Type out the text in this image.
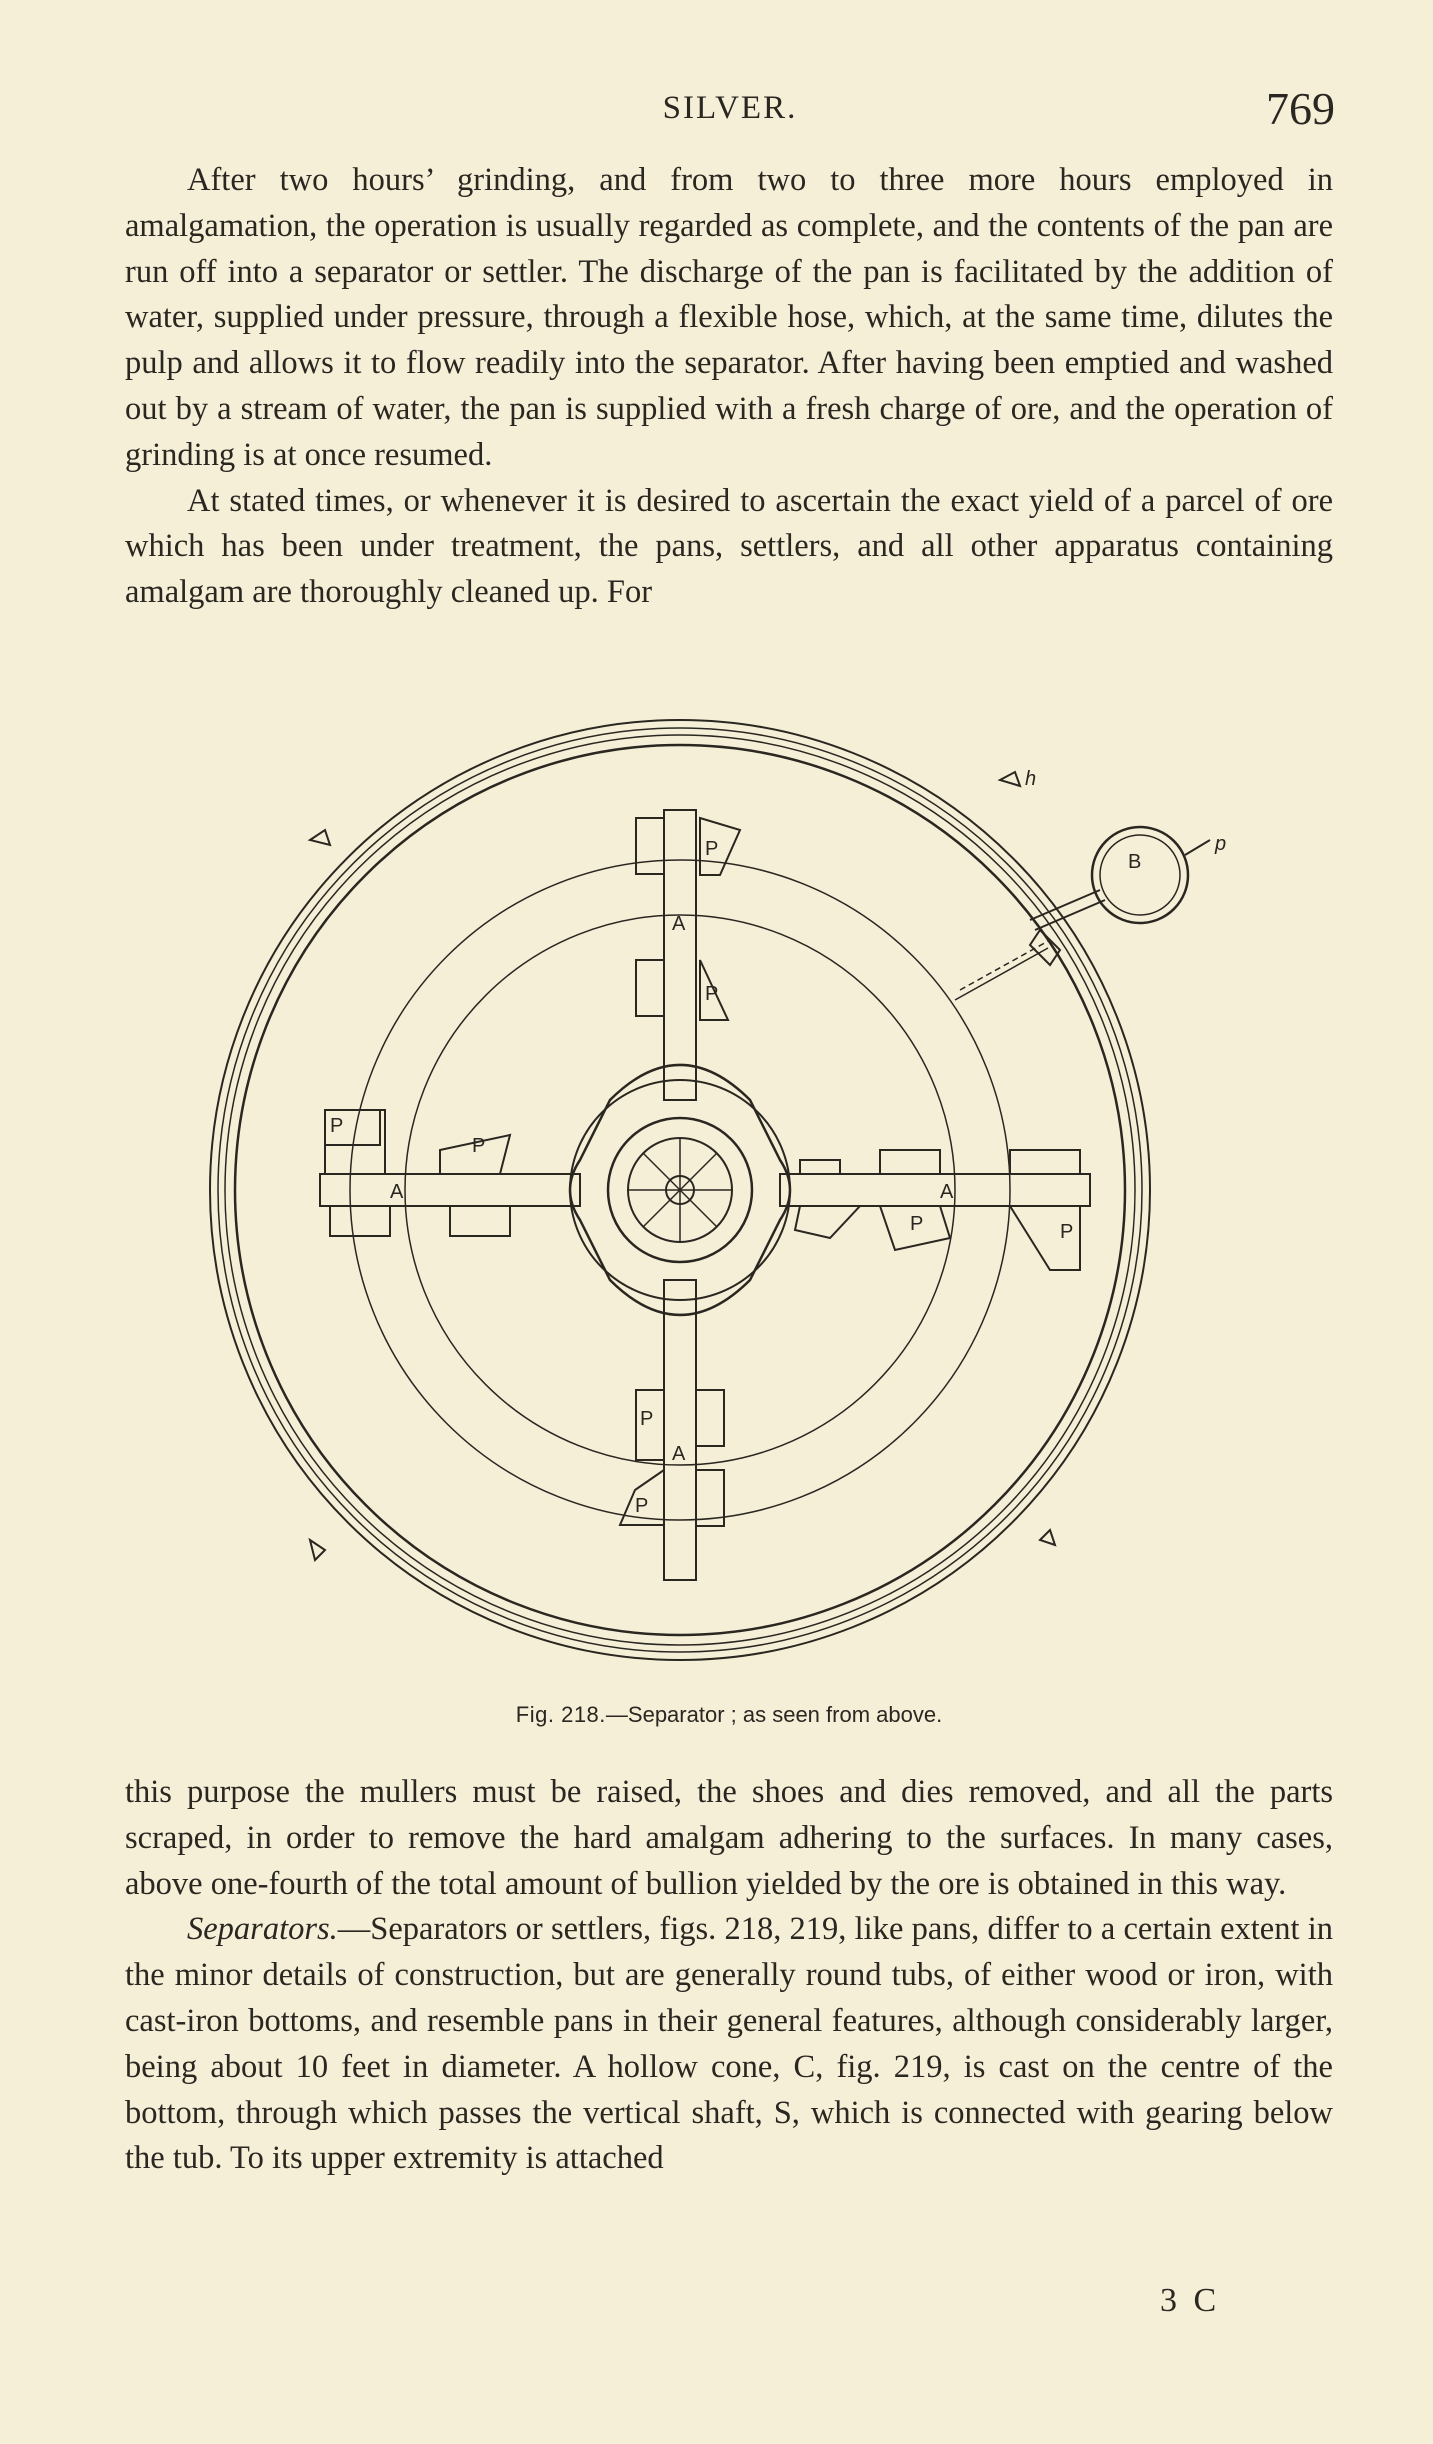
SILVER.	769

After two hours’ grinding, and from two to three more hours employed in amalgamation, the operation is usually regarded as complete, and the contents of the pan are run off into a separator or settler. The discharge of the pan is facilitated by the addition of water, supplied under pressure, through a flexible hose, which, at the same time, dilutes the pulp and allows it to flow readily into the separator. After having been emptied and washed out by a stream of water, the pan is supplied with a fresh charge of ore, and the operation of grinding is at once resumed.

At stated times, or whenever it is desired to ascertain the exact yield of a parcel of ore which has been under treatment, the pans, settlers, and all other apparatus containing amalgam are thoroughly cleaned up. For

h
B
p
A
A
A	A
P
P
P
P
P
P
P
P
Fig. 218.—Separator ; as seen from above.

this purpose the mullers must be raised, the shoes and dies removed, and all the parts scraped, in order to remove the hard amalgam adhering to the surfaces. In many cases, above one-fourth of the total amount of bullion yielded by the ore is obtained in this way.

Separators.—Separators or settlers, figs. 218, 219, like pans, differ to a certain extent in the minor details of construction, but are generally round tubs, of either wood or iron, with cast-iron bottoms, and resemble pans in their general features, although considerably larger, being about 10 feet in diameter. A hollow cone, C, fig. 219, is cast on the centre of the bottom, through which passes the vertical shaft, S, which is connected with gearing below the tub. To its upper extremity is attached

3 C
